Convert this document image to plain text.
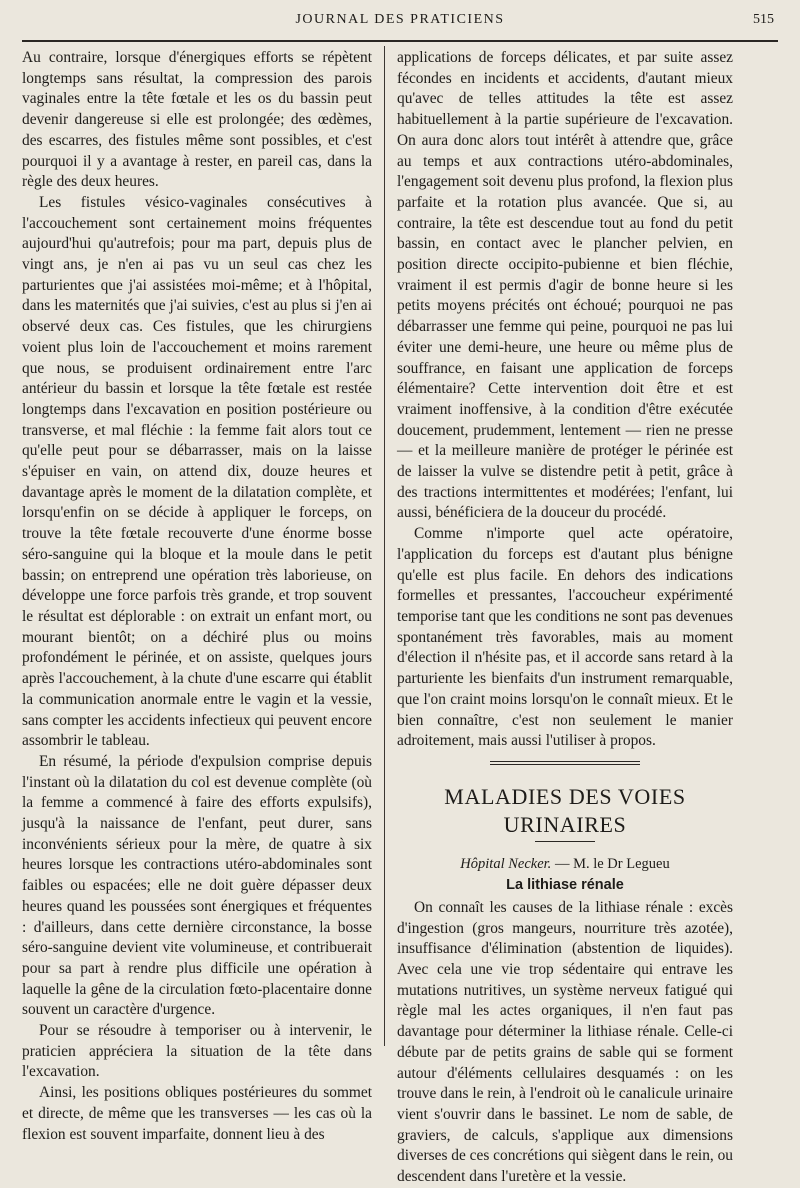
JOURNAL DES PRATICIENS	515

Au contraire, lorsque d'énergiques efforts se répètent longtemps sans résultat, la compression des parois vaginales entre la tête fœtale et les os du bassin peut devenir dangereuse si elle est prolongée; des œdèmes, des escarres, des fistules même sont possibles, et c'est pourquoi il y a avantage à rester, en pareil cas, dans la règle des deux heures.

Les fistules vésico-vaginales consécutives à l'accouchement sont certainement moins fréquentes aujourd'hui qu'autrefois; pour ma part, depuis plus de vingt ans, je n'en ai pas vu un seul cas chez les parturientes que j'ai assistées moi-même; et à l'hôpital, dans les maternités que j'ai suivies, c'est au plus si j'en ai observé deux cas. Ces fistules, que les chirurgiens voient plus loin de l'accouchement et moins rarement que nous, se produisent ordinairement entre l'arc antérieur du bassin et lorsque la tête fœtale est restée longtemps dans l'excavation en position postérieure ou transverse, et mal fléchie : la femme fait alors tout ce qu'elle peut pour se débarrasser, mais on la laisse s'épuiser en vain, on attend dix, douze heures et davantage après le moment de la dilatation complète, et lorsqu'enfin on se décide à appliquer le forceps, on trouve la tête fœtale recouverte d'une énorme bosse séro-sanguine qui la bloque et la moule dans le petit bassin; on entreprend une opération très laborieuse, on développe une force parfois très grande, et trop souvent le résultat est déplorable : on extrait un enfant mort, ou mourant bientôt; on a déchiré plus ou moins profondément le périnée, et on assiste, quelques jours après l'accouchement, à la chute d'une escarre qui établit la communication anormale entre le vagin et la vessie, sans compter les accidents infectieux qui peuvent encore assombrir le tableau.

En résumé, la période d'expulsion comprise depuis l'instant où la dilatation du col est devenue complète (où la femme a commencé à faire des efforts expulsifs), jusqu'à la naissance de l'enfant, peut durer, sans inconvénients sérieux pour la mère, de quatre à six heures lorsque les contractions utéro-abdominales sont faibles ou espacées; elle ne doit guère dépasser deux heures quand les poussées sont énergiques et fréquentes : d'ailleurs, dans cette dernière circonstance, la bosse séro-sanguine devient vite volumineuse, et contribuerait pour sa part à rendre plus difficile une opération à laquelle la gêne de la circulation fœto-placentaire donne souvent un caractère d'urgence.

Pour se résoudre à temporiser ou à intervenir, le praticien appréciera la situation de la tête dans l'excavation.

Ainsi, les positions obliques postérieures du sommet et directe, de même que les transverses — les cas où la flexion est souvent imparfaite, donnent lieu à des

applications de forceps délicates, et par suite assez fécondes en incidents et accidents, d'autant mieux qu'avec de telles attitudes la tête est assez habituellement à la partie supérieure de l'excavation. On aura donc alors tout intérêt à attendre que, grâce au temps et aux contractions utéro-abdominales, l'engagement soit devenu plus profond, la flexion plus parfaite et la rotation plus avancée. Que si, au contraire, la tête est descendue tout au fond du petit bassin, en contact avec le plancher pelvien, en position directe occipito-pubienne et bien fléchie, vraiment il est permis d'agir de bonne heure si les petits moyens précités ont échoué; pourquoi ne pas débarrasser une femme qui peine, pourquoi ne pas lui éviter une demi-heure, une heure ou même plus de souffrance, en faisant une application de forceps élémentaire? Cette intervention doit être et est vraiment inoffensive, à la condition d'être exécutée doucement, prudemment, lentement — rien ne presse — et la meilleure manière de protéger le périnée est de laisser la vulve se distendre petit à petit, grâce à des tractions intermittentes et modérées; l'enfant, lui aussi, bénéficiera de la douceur du procédé.

Comme n'importe quel acte opératoire, l'application du forceps est d'autant plus bénigne qu'elle est plus facile. En dehors des indications formelles et pressantes, l'accoucheur expérimenté temporise tant que les conditions ne sont pas devenues spontanément très favorables, mais au moment d'élection il n'hésite pas, et il accorde sans retard à la parturiente les bienfaits d'un instrument remarquable, que l'on craint moins lorsqu'on le connaît mieux. Et le bien connaître, c'est non seulement le manier adroitement, mais aussi l'utiliser à propos.

MALADIES DES VOIES URINAIRES

Hôpital Necker. — M. le Dr Legueu

La lithiase rénale

On connaît les causes de la lithiase rénale : excès d'ingestion (gros mangeurs, nourriture très azotée), insuffisance d'élimination (abstention de liquides). Avec cela une vie trop sédentaire qui entrave les mutations nutritives, un système nerveux fatigué qui règle mal les actes organiques, il n'en faut pas davantage pour déterminer la lithiase rénale. Celle-ci débute par de petits grains de sable qui se forment autour d'éléments cellulaires desquamés : on les trouve dans le rein, à l'endroit où le canalicule urinaire vient s'ouvrir dans le bassinet. Le nom de sable, de graviers, de calculs, s'applique aux dimensions diverses de ces concrétions qui siègent dans le rein, ou descendent dans l'uretère et la vessie.
